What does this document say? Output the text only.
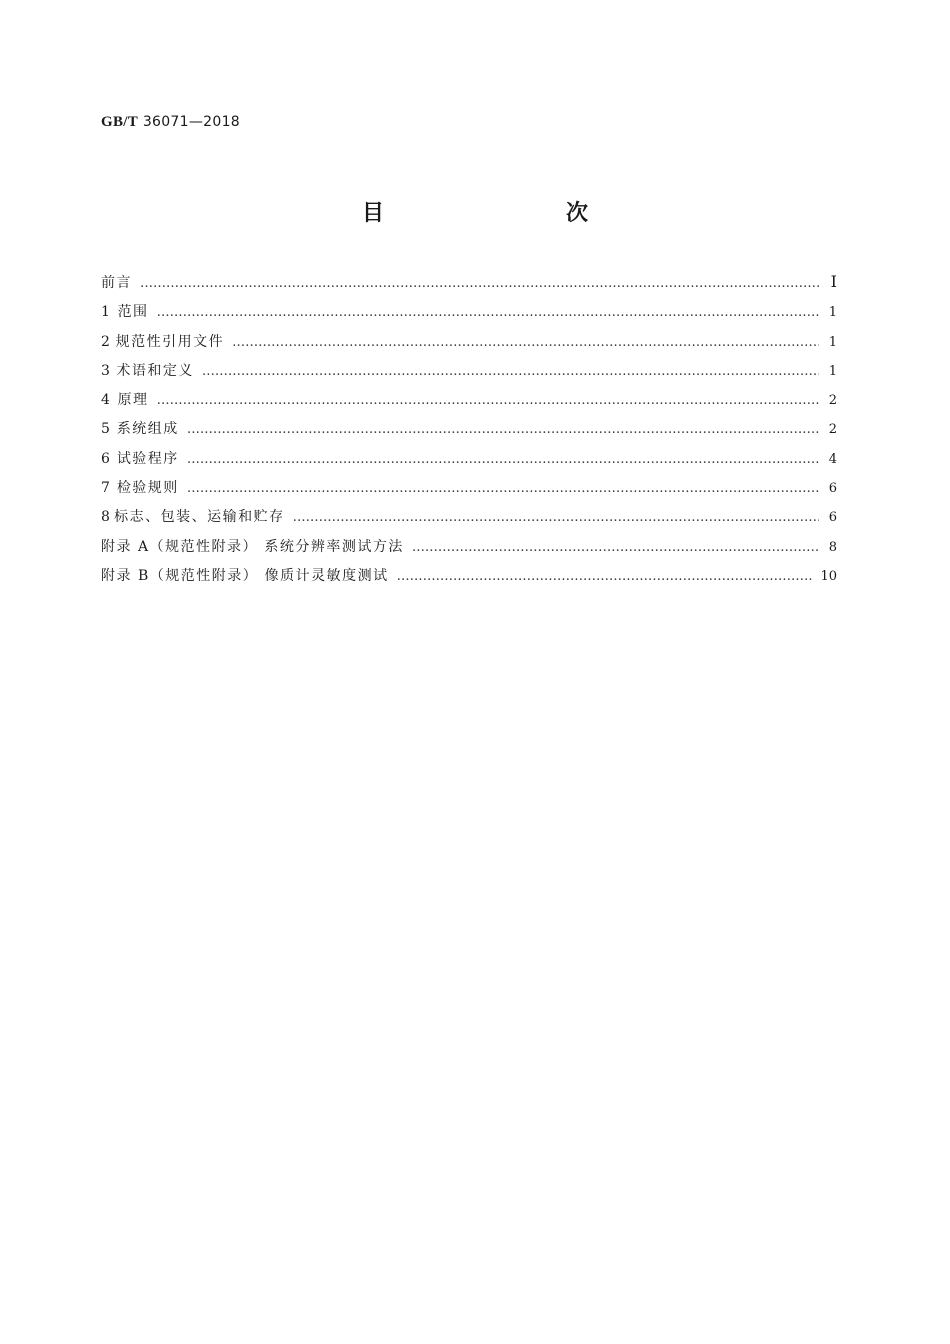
GB/T 36071—2018
目　　次
前言 ……………………………………………………………………………………………………………………………………………………………………………………………………………………	Ⅰ
1 范围 ……………………………………………………………………………………………………………………………………………………………………………………………………………………	1
2 规范性引用文件 ……………………………………………………………………………………………………………………………………………………………………………………………………………………	1
3 术语和定义 ……………………………………………………………………………………………………………………………………………………………………………………………………………………	1
4 原理 ……………………………………………………………………………………………………………………………………………………………………………………………………………………	2
5 系统组成 ……………………………………………………………………………………………………………………………………………………………………………………………………………………	2
6 试验程序 ……………………………………………………………………………………………………………………………………………………………………………………………………………………	4
7 检验规则 ……………………………………………………………………………………………………………………………………………………………………………………………………………………	6
8 标志、包装、运输和贮存 ……………………………………………………………………………………………………………………………………………………………………………………………………………………	6
附录 A（规范性附录） 系统分辨率测试方法 ……………………………………………………………………………………………………………………………………………………………………………………………………………………	8
附录 B（规范性附录） 像质计灵敏度测试 ……………………………………………………………………………………………………………………………………………………………………………………………………………………	10
